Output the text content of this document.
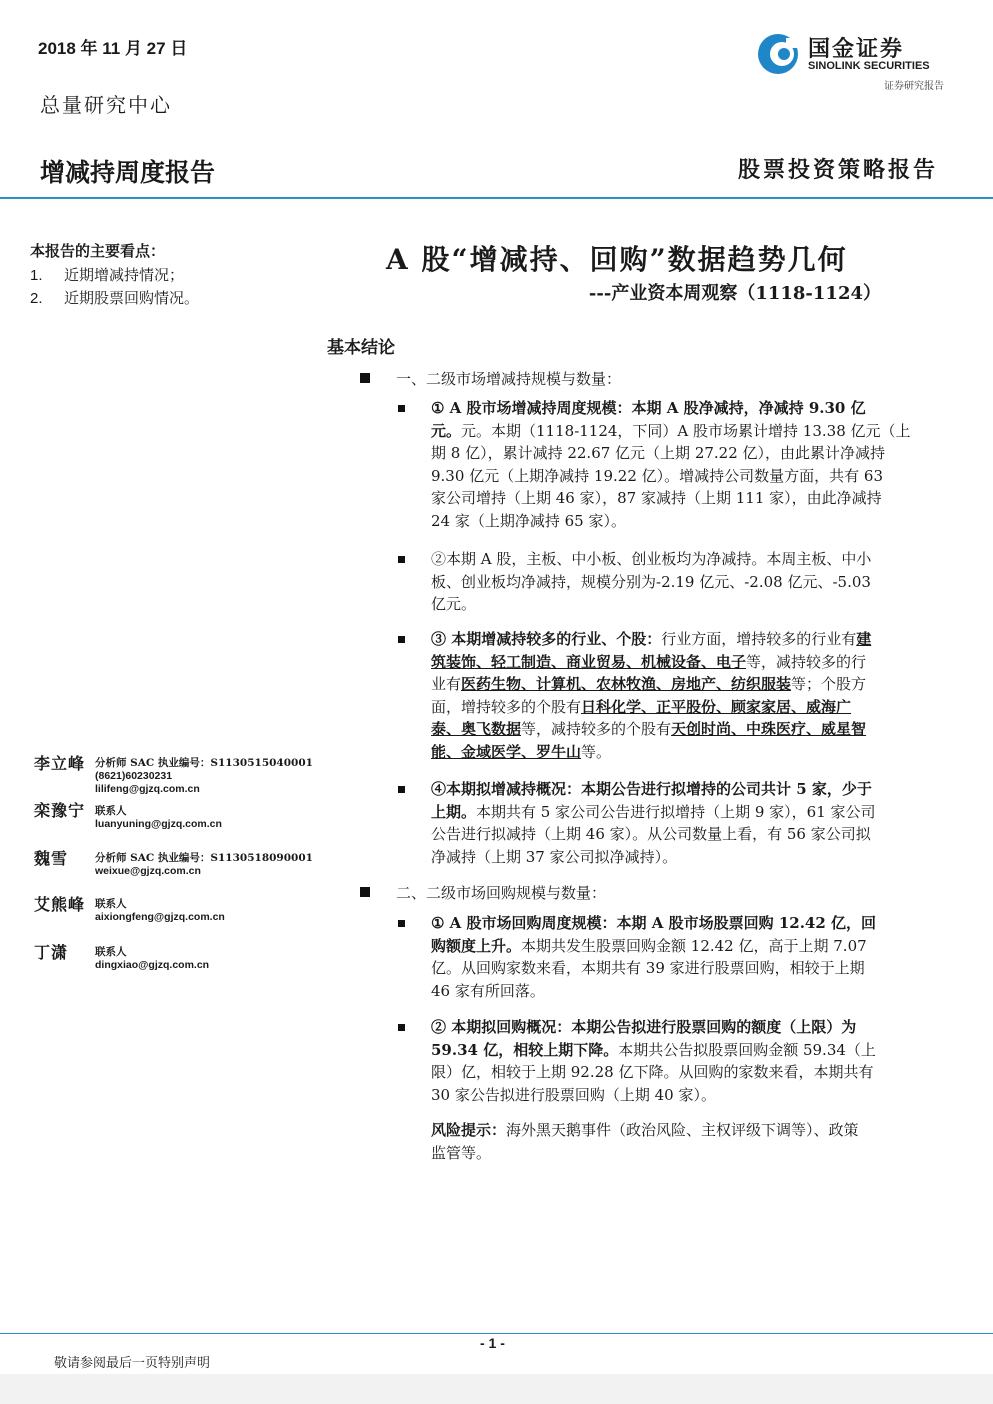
2018 年 11 月 27 日
总量研究中心
增减持周度报告	股票投资策略报告
国金证券
SINOLINK SECURITIES
证券研究报告
A 股“增减持、回购”数据趋势几何
---产业资本周观察（1118-1124）
本报告的主要看点：
1. 近期增减持情况；
2. 近期股票回购情况。
基本结论
一、二级市场增减持规模与数量：
① A 股市场增减持周度规模：本期 A 股净减持，净减持 9.30 亿
元。元。本期（1118-1124，下同）A 股市场累计增持 13.38 亿元（上
期 8 亿），累计减持 22.67 亿元（上期 27.22 亿），由此累计净减持
9.30 亿元（上期净减持 19.22 亿）。增减持公司数量方面，共有 63
家公司增持（上期 46 家），87 家减持（上期 111 家），由此净减持
24 家（上期净减持 65 家）。
②本期 A 股，主板、中小板、创业板均为净减持。本周主板、中小
板、创业板均净减持，规模分别为-2.19 亿元、-2.08 亿元、-5.03
亿元。
③ 本期增减持较多的行业、个股：行业方面，增持较多的行业有建
筑装饰、轻工制造、商业贸易、机械设备、电子等，减持较多的行
业有医药生物、计算机、农林牧渔、房地产、纺织服装等；个股方
面，增持较多的个股有日科化学、正平股份、顾家家居、威海广
泰、奥飞数据等，减持较多的个股有天创时尚、中珠医疗、威星智
能、金域医学、罗牛山等。
④本期拟增减持概况：本期公告进行拟增持的公司共计 5 家，少于
上期。本期共有 5 家公司公告进行拟增持（上期 9 家），61 家公司
公告进行拟减持（上期 46 家）。从公司数量上看，有 56 家公司拟
净减持（上期 37 家公司拟净减持）。
二、二级市场回购规模与数量：
① A 股市场回购周度规模：本期 A 股市场股票回购 12.42 亿，回
购额度上升。本期共发生股票回购金额 12.42 亿，高于上期 7.07
亿。从回购家数来看，本期共有 39 家进行股票回购，相较于上期
46 家有所回落。
② 本期拟回购概况：本期公告拟进行股票回购的额度（上限）为
59.34 亿，相较上期下降。本期共公告拟股票回购金额 59.34（上
限）亿，相较于上期 92.28 亿下降。从回购的家数来看，本期共有
30 家公告拟进行股票回购（上期 40 家）。
风险提示：海外黑天鹅事件（政治风险、主权评级下调等）、政策
监管等。
李立峰 分析师 SAC 执业编号：S1130515040001
(8621)60230231
lilifeng@gjzq.com.cn
栾豫宁 联系人
luanyuning@gjzq.com.cn
魏雪	分析师 SAC 执业编号：S1130518090001
weixue@gjzq.com.cn
艾熊峰 联系人
aixiongfeng@gjzq.com.cn
丁潇	联系人
dingxiao@gjzq.com.cn
- 1 -
敬请参阅最后一页特别声明
